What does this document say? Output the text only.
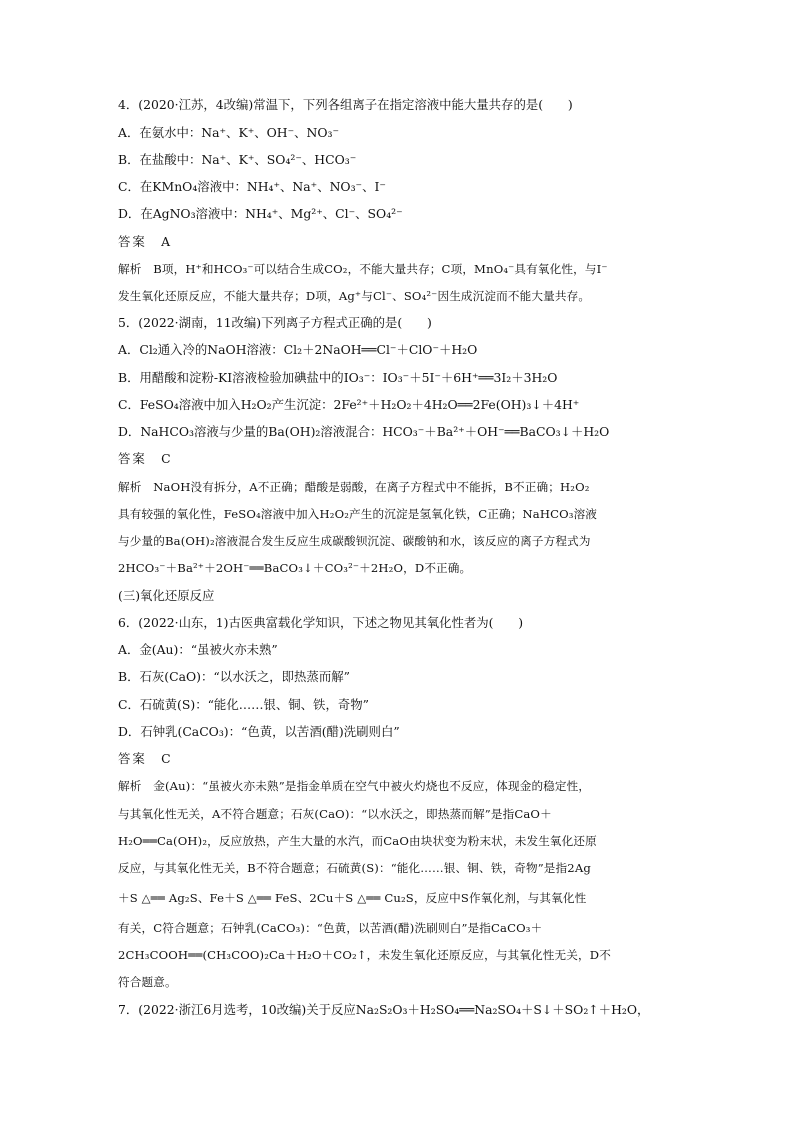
4．(2020·江苏，4改编)常温下，下列各组离子在指定溶液中能大量共存的是(　　)
A．在氨水中：Na⁺、K⁺、OH⁻、NO₃⁻
B．在盐酸中：Na⁺、K⁺、SO₄²⁻、HCO₃⁻
C．在KMnO₄溶液中：NH₄⁺、Na⁺、NO₃⁻、I⁻
D．在AgNO₃溶液中：NH₄⁺、Mg²⁺、Cl⁻、SO₄²⁻
答案　A
解析　B项，H⁺和HCO₃⁻可以结合生成CO₂，不能大量共存；C项，MnO₄⁻具有氧化性，与I⁻
发生氧化还原反应，不能大量共存；D项，Ag⁺与Cl⁻、SO₄²⁻因生成沉淀而不能大量共存。
5．(2022·湖南，11改编)下列离子方程式正确的是(　　)
A．Cl₂通入冷的NaOH溶液：Cl₂＋2NaOH══Cl⁻＋ClO⁻＋H₂O
B．用醋酸和淀粉-KI溶液检验加碘盐中的IO₃⁻：IO₃⁻＋5I⁻＋6H⁺══3I₂＋3H₂O
C．FeSO₄溶液中加入H₂O₂产生沉淀：2Fe²⁺＋H₂O₂＋4H₂O══2Fe(OH)₃↓＋4H⁺
D．NaHCO₃溶液与少量的Ba(OH)₂溶液混合：HCO₃⁻＋Ba²⁺＋OH⁻══BaCO₃↓＋H₂O
答案　C
解析　NaOH没有拆分，A不正确；醋酸是弱酸，在离子方程式中不能拆，B不正确；H₂O₂
具有较强的氧化性，FeSO₄溶液中加入H₂O₂产生的沉淀是氢氧化铁，C正确；NaHCO₃溶液
与少量的Ba(OH)₂溶液混合发生反应生成碳酸钡沉淀、碳酸钠和水，该反应的离子方程式为
2HCO₃⁻＋Ba²⁺＋2OH⁻══BaCO₃↓＋CO₃²⁻＋2H₂O，D不正确。
(三)氧化还原反应
6．(2022·山东，1)古医典富载化学知识，下述之物见其氧化性者为(　　)
A．金(Au)：“虽被火亦未熟”
B．石灰(CaO)：“以水沃之，即热蒸而解”
C．石硫黄(S)：“能化……银、铜、铁，奇物”
D．石钟乳(CaCO₃)：“色黄，以苦酒(醋)洗刷则白”
答案　C
解析　金(Au)：“虽被火亦未熟”是指金单质在空气中被火灼烧也不反应，体现金的稳定性，
与其氧化性无关，A不符合题意；石灰(CaO)：“以水沃之，即热蒸而解”是指CaO＋
H₂O══Ca(OH)₂，反应放热，产生大量的水汽，而CaO由块状变为粉末状，未发生氧化还原
反应，与其氧化性无关，B不符合题意；石硫黄(S)：“能化……银、铜、铁，奇物”是指2Ag
＋S △══ Ag₂S、Fe＋S △══ FeS、2Cu＋S △══ Cu₂S，反应中S作氧化剂，与其氧化性
有关，C符合题意；石钟乳(CaCO₃)：“色黄，以苦酒(醋)洗刷则白”是指CaCO₃＋
2CH₃COOH══(CH₃COO)₂Ca＋H₂O＋CO₂↑，未发生氧化还原反应，与其氧化性无关，D不
符合题意。
7．(2022·浙江6月选考，10改编)关于反应Na₂S₂O₃＋H₂SO₄══Na₂SO₄＋S↓＋SO₂↑＋H₂O，
